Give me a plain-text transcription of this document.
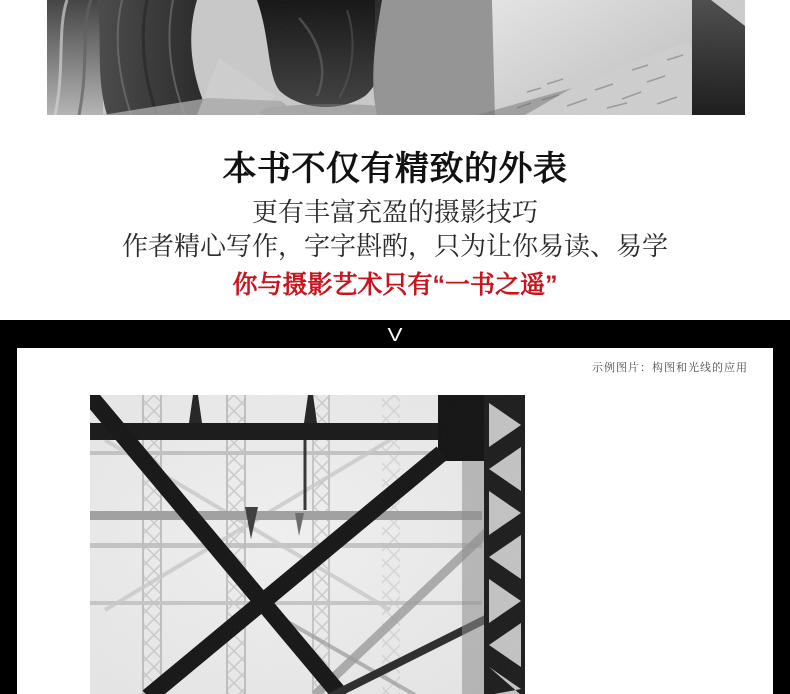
本书不仅有精致的外表
更有丰富充盈的摄影技巧
作者精心写作，字字斟酌，只为让你易读、易学
你与摄影艺术只有“一书之遥”
V
示例图片：构图和光线的应用
